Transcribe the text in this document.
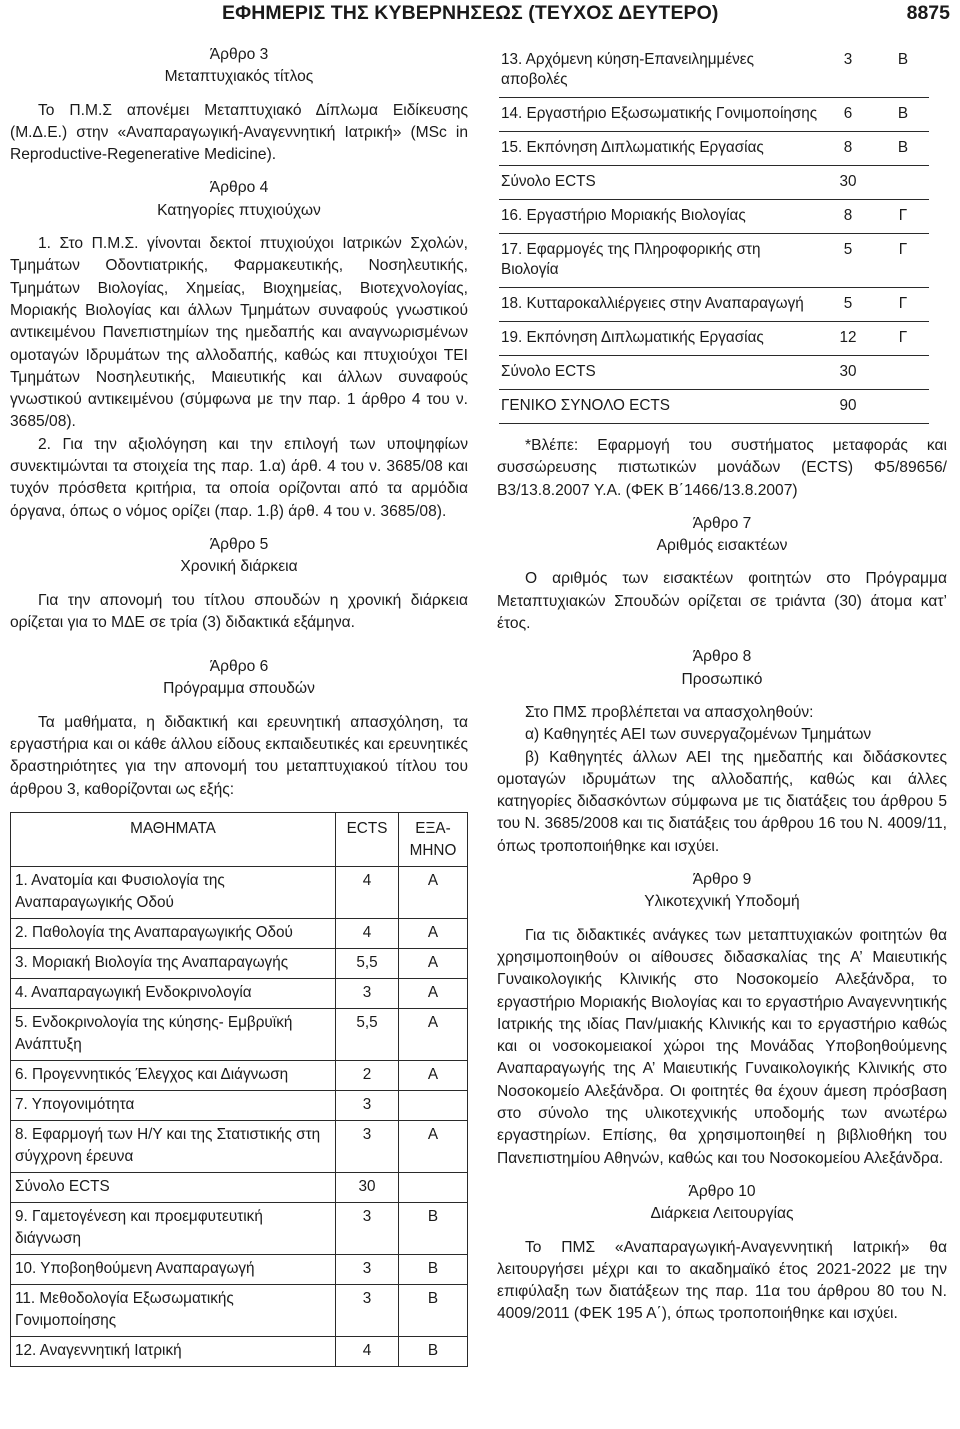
ΕΦΗΜΕΡΙΣ ΤΗΣ ΚΥΒΕΡΝΗΣΕΩΣ (ΤΕΥΧΟΣ ΔΕΥΤΕΡΟ)	8875
Άρθρο 3
Μεταπτυχιακός τίτλος
Το Π.Μ.Σ απονέμει Μεταπτυχιακό Δίπλωμα Ειδίκευσης (Μ.Δ.Ε.) στην «Αναπαραγωγική-Αναγεννητική Ιατρική» (MSc in Reproductive-Regenerative Medicine).
Άρθρο 4
Κατηγορίες πτυχιούχων
1. Στο Π.Μ.Σ. γίνονται δεκτοί πτυχιούχοι Ιατρικών Σχολών, Τμημάτων Οδοντιατρικής, Φαρμακευτικής, Νοσηλευτικής, Τμημάτων Βιολογίας, Χημείας, Βιοχημείας, Βιοτεχνολογίας, Μοριακής Βιολογίας και άλλων Τμημάτων συναφούς γνωστικού αντικειμένου Πανεπιστημίων της ημεδαπής και αναγνωρισμένων ομοταγών Ιδρυμάτων της αλλοδαπής, καθώς και πτυχιούχοι ΤΕΙ Τμημάτων Νοσηλευτικής, Μαιευτικής και άλλων συναφούς γνωστικού αντικειμένου (σύμφωνα με την παρ. 1 άρθρο 4 του ν. 3685/08).
2. Για την αξιολόγηση και την επιλογή των υποψηφίων συνεκτιμώνται τα στοιχεία της παρ. 1.α) άρθ. 4 του ν. 3685/08 και τυχόν πρόσθετα κριτήρια, τα οποία ορίζονται από τα αρμόδια όργανα, όπως ο νόμος ορίζει (παρ. 1.β) άρθ. 4 του ν. 3685/08).
Άρθρο 5
Χρονική διάρκεια
Για την απονομή του τίτλου σπουδών η χρονική διάρκεια ορίζεται για το ΜΔΕ σε τρία (3) διδακτικά εξάμηνα.
Άρθρο 6
Πρόγραμμα σπουδών
Τα μαθήματα, η διδακτική και ερευνητική απασχόληση, τα εργαστήρια και οι κάθε άλλου είδους εκπαιδευτικές και ερευνητικές δραστηριότητες για την απονομή του μεταπτυχιακού τίτλου του άρθρου 3, καθορίζονται ως εξής:
ΜΑΘΗΜΑΤΑ	ECTS	ΕΞΑ-ΜΗΝΟ
1. Ανατομία και Φυσιολογία της Αναπαραγωγικής Οδού	4	Α
2. Παθολογία της Αναπαραγωγικής Οδού	4	Α
3. Μοριακή Βιολογία της Αναπαραγωγής	5,5	Α
4. Αναπαραγωγική Ενδοκρινολογία	3	Α
5. Ενδοκρινολογία της κύησης- Εμβρυϊκή Ανάπτυξη	5,5	Α
6. Προγεννητικός Έλεγχος και Διάγνωση	2	Α
7. Υπογονιμότητα	3	
8. Εφαρμογή των Η/Υ και της Στατιστικής στη σύγχρονη έρευνα	3	Α
Σύνολο ECTS	30	
9. Γαμετογένεση και προεμφυτευτική διάγνωση	3	Β
10. Υποβοηθούμενη Αναπαραγωγή	3	Β
11. Μεθοδολογία Εξωσωματικής Γονιμοποίησης	3	Β
12. Αναγεννητική Ιατρική	4	Β
13. Αρχόμενη κύηση-Επανειλημμένες αποβολές	3	Β
14. Εργαστήριο Εξωσωματικής Γονιμοποίησης	6	Β
15. Εκπόνηση Διπλωματικής Εργασίας	8	Β
Σύνολο ECTS	30	
16. Εργαστήριο Μοριακής Βιολογίας	8	Γ
17. Εφαρμογές της Πληροφορικής στη Βιολογία	5	Γ
18. Κυτταροκαλλιέργειες στην Αναπαραγωγή	5	Γ
19. Εκπόνηση Διπλωματικής Εργασίας	12	Γ
Σύνολο ECTS	30	
ΓΕΝΙΚΟ ΣΥΝΟΛΟ ECTS	90	
*Βλέπε: Εφαρμογή του συστήματος μεταφοράς και συσσώρευσης πιστωτικών μονάδων (ECTS) Φ5/89656/ Β3/13.8.2007 Υ.Α. (ΦΕΚ Β΄1466/13.8.2007)
Άρθρο 7
Αριθμός εισακτέων
Ο αριθμός των εισακτέων φοιτητών στο Πρόγραμμα Μεταπτυχιακών Σπουδών ορίζεται σε τριάντα (30) άτομα κατ’ έτος.
Άρθρο 8
Προσωπικό
Στο ΠΜΣ προβλέπεται να απασχοληθούν:
α) Καθηγητές ΑΕΙ των συνεργαζομένων Τμημάτων
β) Καθηγητές άλλων ΑΕΙ της ημεδαπής και διδάσκοντες ομοταγών ιδρυμάτων της αλλοδαπής, καθώς και άλλες κατηγορίες διδασκόντων σύμφωνα με τις διατάξεις του άρθρου 5 του Ν. 3685/2008 και τις διατάξεις του άρθρου 16 του Ν. 4009/11, όπως τροποποιήθηκε και ισχύει.
Άρθρο 9
Υλικοτεχνική Υποδομή
Για τις διδακτικές ανάγκες των μεταπτυχιακών φοιτητών θα χρησιμοποιηθούν οι αίθουσες διδασκαλίας της Α’ Μαιευτικής Γυναικολογικής Κλινικής στο Νοσοκομείο Αλεξάνδρα, το εργαστήριο Μοριακής Βιολογίας και το εργαστήριο Αναγεννητικής Ιατρικής της ιδίας Παν/μιακής Κλινικής και το εργαστήριο καθώς και οι νοσοκομειακοί χώροι της Μονάδας Υποβοηθούμενης Αναπαραγωγής της Α’ Μαιευτικής Γυναικολογικής Κλινικής στο Νοσοκομείο Αλεξάνδρα. Οι φοιτητές θα έχουν άμεση πρόσβαση στο σύνολο της υλικοτεχνικής υποδομής των ανωτέρω εργαστηρίων. Επίσης, θα χρησιμοποιηθεί η βιβλιοθήκη του Πανεπιστημίου Αθηνών, καθώς και του Νοσοκομείου Αλεξάνδρα.
Άρθρο 10
Διάρκεια Λειτουργίας
Το ΠΜΣ «Αναπαραγωγική-Αναγεννητική Ιατρική» θα λειτουργήσει μέχρι και το ακαδημαϊκό έτος 2021-2022 με την επιφύλαξη των διατάξεων της παρ. 11α του άρθρου 80 του Ν. 4009/2011 (ΦΕΚ 195 Α΄), όπως τροποποιήθηκε και ισχύει.
